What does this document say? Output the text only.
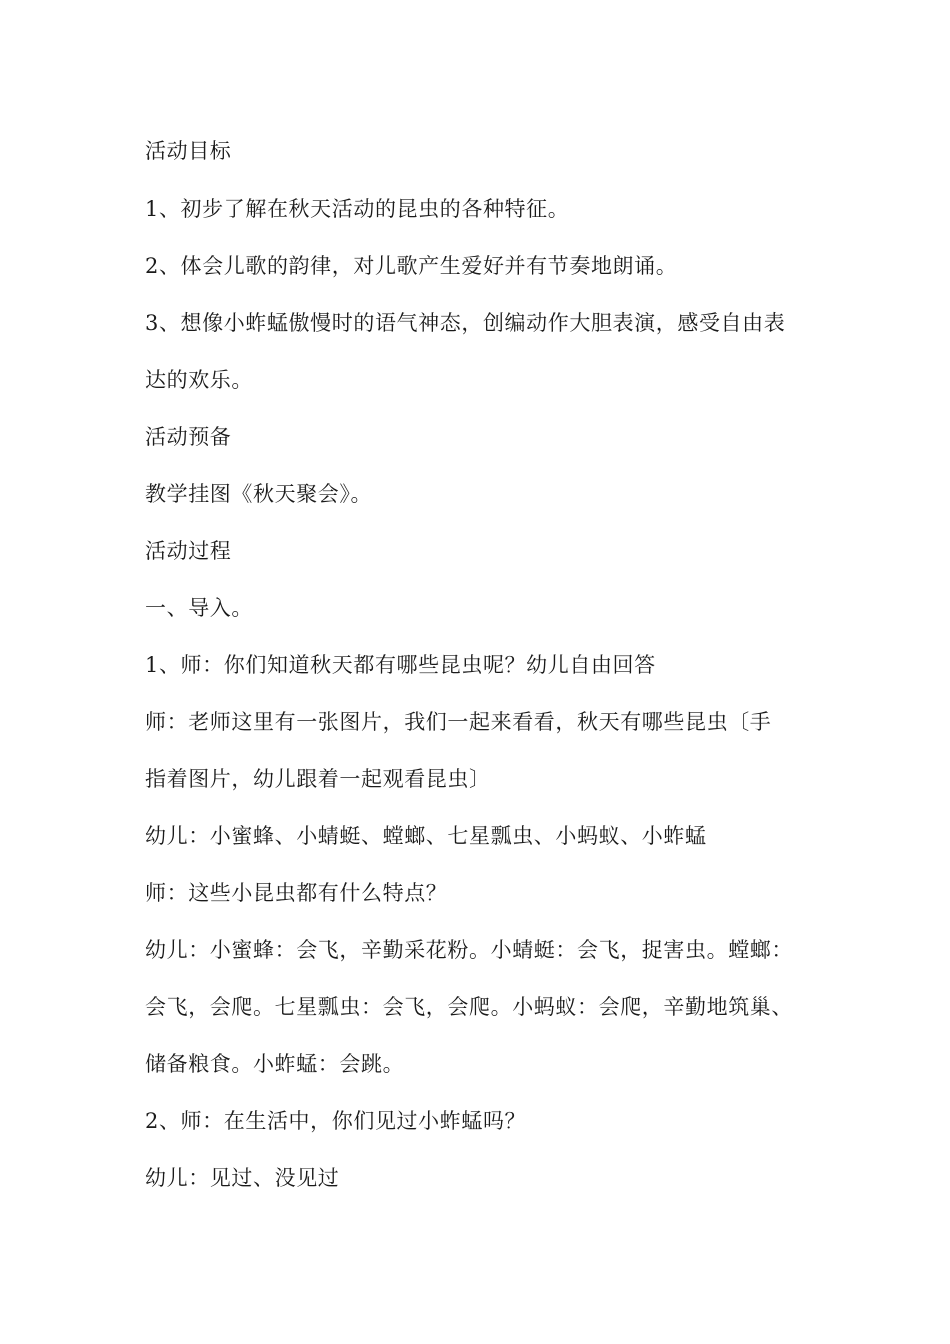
活动目标
1、初步了解在秋天活动的昆虫的各种特征。
2、体会儿歌的韵律，对儿歌产生爱好并有节奏地朗诵。
3、想像小蚱蜢傲慢时的语气神态，创编动作大胆表演，感受自由表
达的欢乐。
活动预备
教学挂图《秋天聚会》。
活动过程
一、导入。
1、师：你们知道秋天都有哪些昆虫呢？幼儿自由回答
师：老师这里有一张图片，我们一起来看看，秋天有哪些昆虫〔手
指着图片，幼儿跟着一起观看昆虫〕
幼儿：小蜜蜂、小蜻蜓、螳螂、七星瓢虫、小蚂蚁、小蚱蜢
师：这些小昆虫都有什么特点？
幼儿：小蜜蜂：会飞，辛勤采花粉。小蜻蜓：会飞，捉害虫。螳螂：
会飞，会爬。七星瓢虫：会飞，会爬。小蚂蚁：会爬，辛勤地筑巢、
储备粮食。小蚱蜢：会跳。
2、师：在生活中，你们见过小蚱蜢吗？
幼儿：见过、没见过
